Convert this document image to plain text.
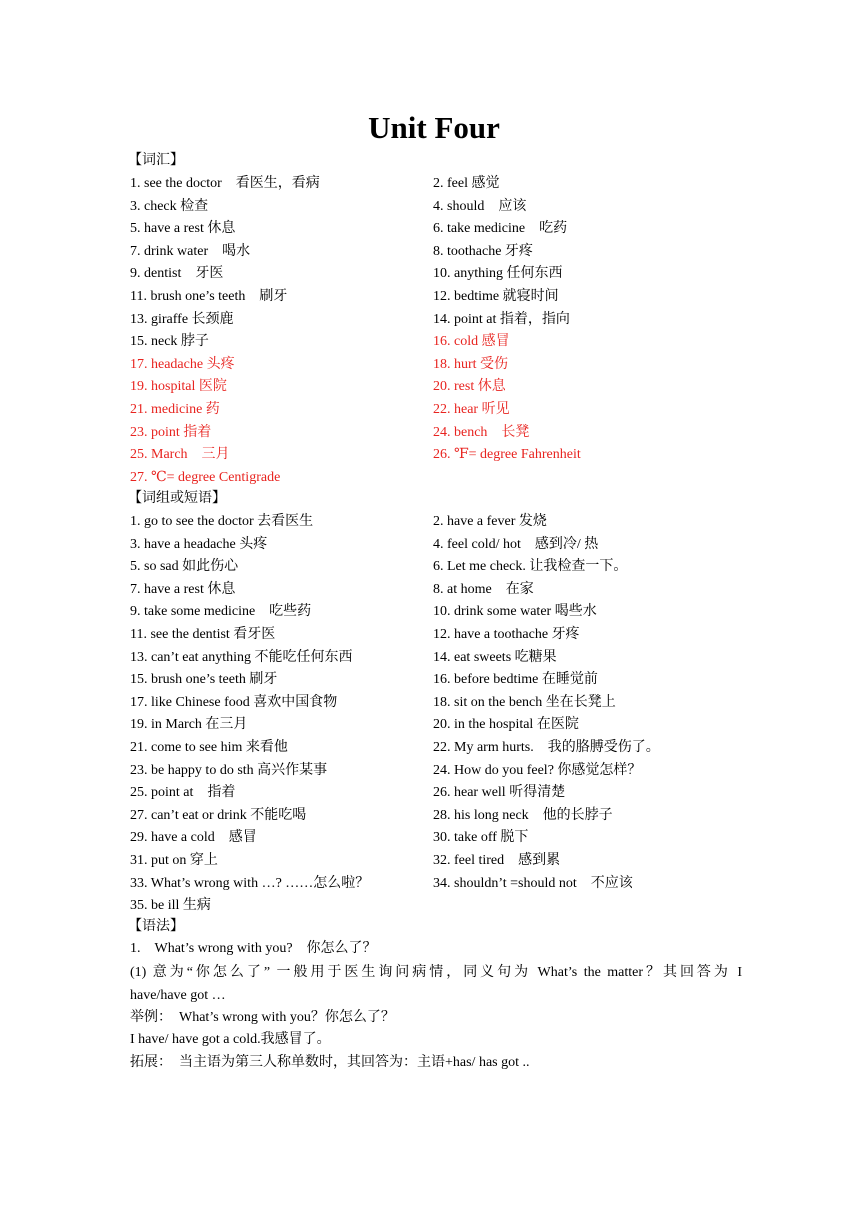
Unit Four
【词汇】
1. see the doctor　看医生，看病	2. feel 感觉
3. check 检查	4. should　应该
5. have a rest 休息	6. take medicine　吃药
7. drink water　喝水	8. toothache 牙疼
9. dentist　牙医	10. anything 任何东西
11. brush one’s teeth　刷牙	12. bedtime 就寝时间
13. giraffe 长颈鹿	14. point at 指着，指向
15. neck 脖子	16. cold 感冒
17. headache 头疼	18. hurt 受伤
19. hospital 医院	20. rest 休息
21. medicine 药	22. hear 听见
23. point 指着	24. bench　长凳
25. March　三月	26. ℉= degree Fahrenheit
27. ℃= degree Centigrade
【词组或短语】
1. go to see the doctor 去看医生	2. have a fever 发烧
3. have a headache 头疼	4. feel cold/ hot　感到冷/ 热
5. so sad 如此伤心	6. Let me check. 让我检查一下。
7. have a rest 休息	8. at home　在家
9. take some medicine　吃些药	10. drink some water 喝些水
11. see the dentist 看牙医	12. have a toothache 牙疼
13. can’t eat anything 不能吃任何东西	14. eat sweets 吃糖果
15. brush one’s teeth 刷牙	16. before bedtime 在睡觉前
17. like Chinese food 喜欢中国食物	18. sit on the bench 坐在长凳上
19. in March 在三月	20. in the hospital 在医院
21. come to see him 来看他	22. My arm hurts.　我的胳膊受伤了。
23. be happy to do sth 高兴作某事	24. How do you feel? 你感觉怎样？
25. point at　指着	26. hear well 听得清楚
27. can’t eat or drink 不能吃喝	28. his long neck　他的长脖子
29. have a cold　感冒	30. take off 脱下
31. put on 穿上	32. feel tired　感到累
33. What’s wrong with …? ……怎么啦？	34. shouldn’t =should not　不应该
35. be ill 生病
【语法】
1.　What’s wrong with you?　你怎么了？
(1) 意为“你怎么了” 一般用于医生询问病情，同义句为 What’s the matter？其回答为 I
have/have got …
举例：　What’s wrong with you？你怎么了？
I have/ have got a cold.我感冒了。
拓展：　当主语为第三人称单数时，其回答为：主语+has/ has got ..
